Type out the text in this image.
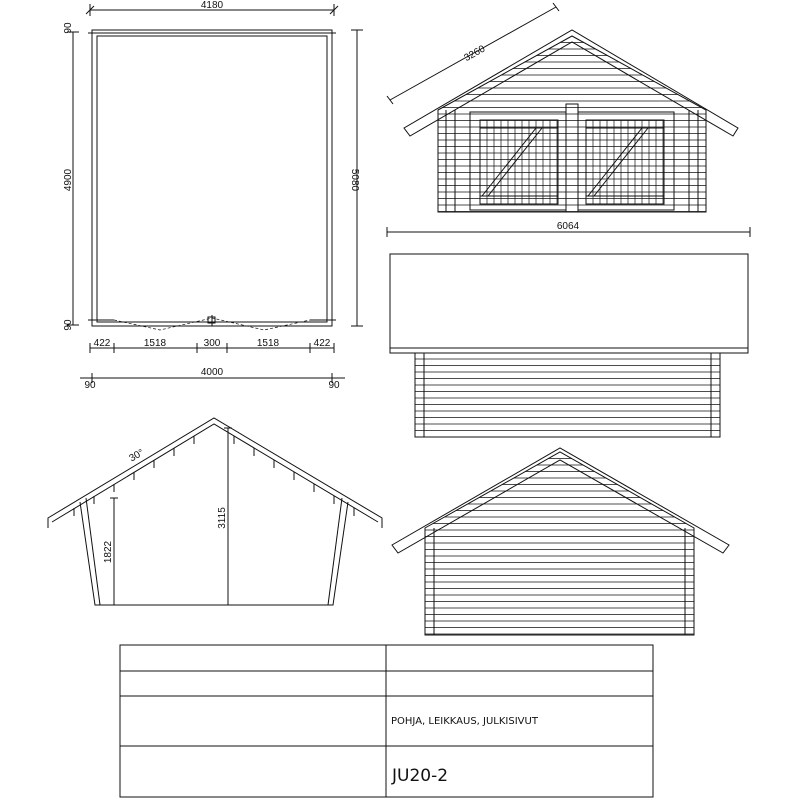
4180
90
4900
90
5080
422	1518	300	1518	422
4000
90	90
3260
6064
1822
3115
30°
POHJA, LEIKKAUS, JULKISIVUT
JU20-2
